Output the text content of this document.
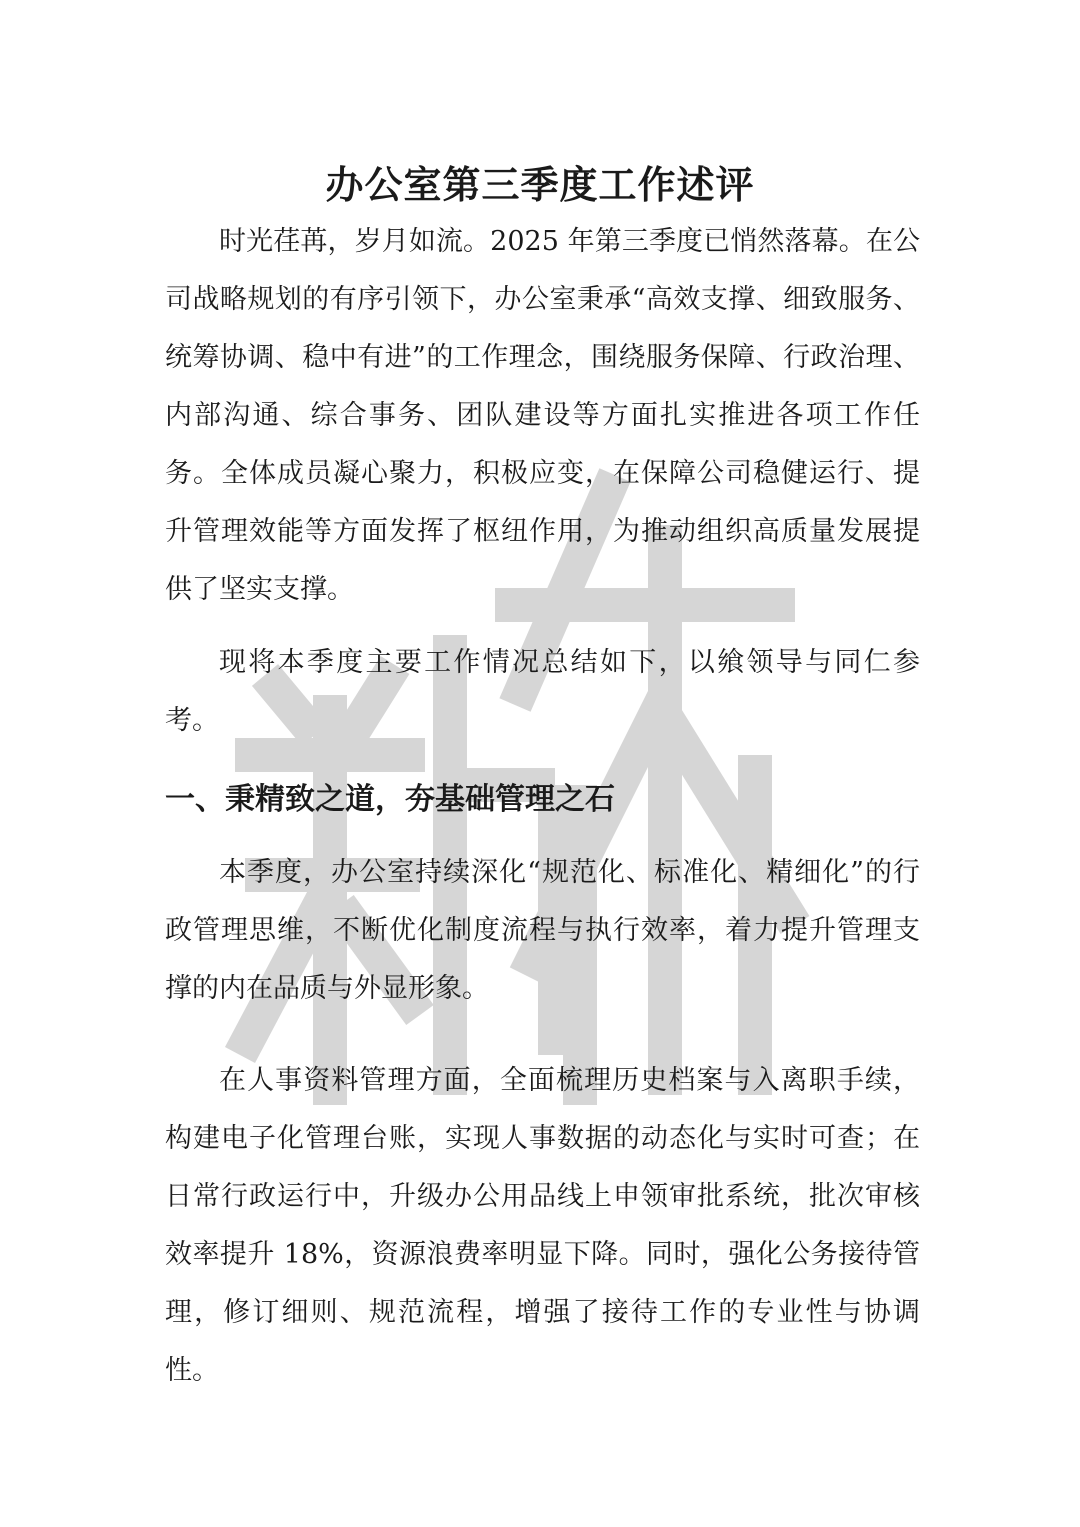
办公室第三季度工作述评

时光荏苒，岁月如流。2025 年第三季度已悄然落幕。在公司战略规划的有序引领下，办公室秉承“高效支撑、细致服务、统筹协调、稳中有进”的工作理念，围绕服务保障、行政治理、内部沟通、综合事务、团队建设等方面扎实推进各项工作任务。全体成员凝心聚力，积极应变，在保障公司稳健运行、提升管理效能等方面发挥了枢纽作用，为推动组织高质量发展提供了坚实支撑。

现将本季度主要工作情况总结如下，以飨领导与同仁参考。

一、秉精致之道，夯基础管理之石

本季度，办公室持续深化“规范化、标准化、精细化”的行政管理思维，不断优化制度流程与执行效率，着力提升管理支撑的内在品质与外显形象。

在人事资料管理方面，全面梳理历史档案与入离职手续，构建电子化管理台账，实现人事数据的动态化与实时可查；在日常行政运行中，升级办公用品线上申领审批系统，批次审核效率提升 18%，资源浪费率明显下降。同时，强化公务接待管理，修订细则、规范流程，增强了接待工作的专业性与协调性。
